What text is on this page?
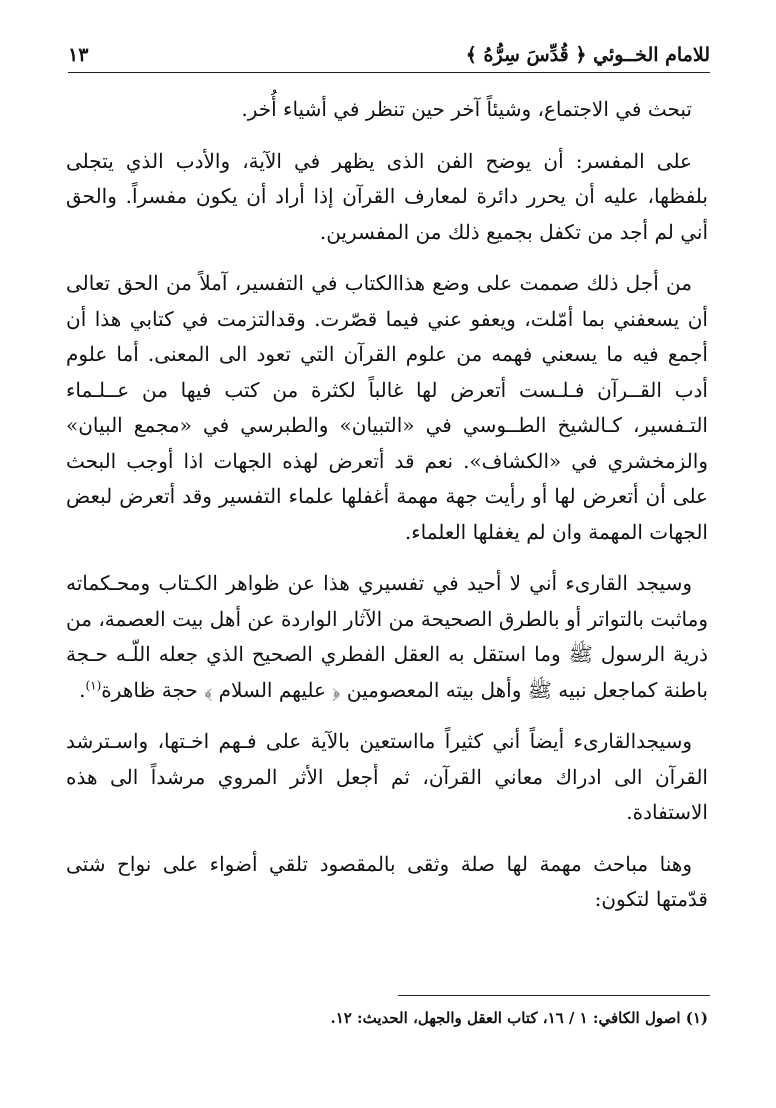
للامام الخــوئي ﴿ قُدِّسَ سِرُّهُ ﴾
١٣

تبحث في الاجتماع، وشيئاً آخر حين تنظر في أشياء أُخر.

على المفسر: أن يوضح الفن الذى يظهر في الآية، والأدب الذي يتجلى بلفظها، عليه أن يحرر دائرة لمعارف القرآن إذا أراد أن يكون مفسراً. والحق أني لم أجد من تكفل بجميع ذلك من المفسرين.

من أجل ذلك صممت على وضع هذاالكتاب في التفسير، آملاً من الحق تعالى أن يسعفني بما أمّلت، ويعفو عني فيما قصّرت. وقدالتزمت في كتابي هذا أن أجمع فيه ما يسعني فهمه من علوم القرآن التي تعود الى المعنى. أما علوم أدب القــرآن فـلـست أتعرض لها غالباً لكثرة من كتب فيها من عــلـماء التـفسير، كـالشيخ الطــوسي في «التبيان» والطبرسي في «مجمع البيان» والزمخشري في «الكشاف». نعم قد أتعرض لهذه الجهات اذا أوجب البحث على أن أتعرض لها أو رأيت جهة مهمة أغفلها علماء التفسير وقد أتعرض لبعض الجهات المهمة وان لم يغفلها العلماء.

وسيجد القارىء أني لا أحيد في تفسيري هذا عن ظواهر الكـتاب ومحـكماته وماثبت بالتواتر أو بالطرق الصحيحة من الآثار الواردة عن أهل بيت العصمة، من ذرية الرسول ﷺ وما استقل به العقل الفطري الصحيح الذي جعله اللّـه حـجة باطنة كماجعل نبيه ﷺ وأهل بيته المعصومين ﴿ عليهم السلام ﴾ حجة ظاهرة$^{(١)}$.

وسيجدالقارىء أيضاً أني كثيراً مااستعين بالآية على فـهم اخـتها، واسـترشد القرآن الى ادراك معاني القرآن، ثم أجعل الأثر المروي مرشداً الى هذه الاستفادة.

وهنا مباحث مهمة لها صلة وثقى بالمقصود تلقي أضواء على نواح شتى قدّمتها لتكون:

(١) اصول الكافي: ١ / ١٦، كتاب العقل والجهل، الحديث: ١٢.
